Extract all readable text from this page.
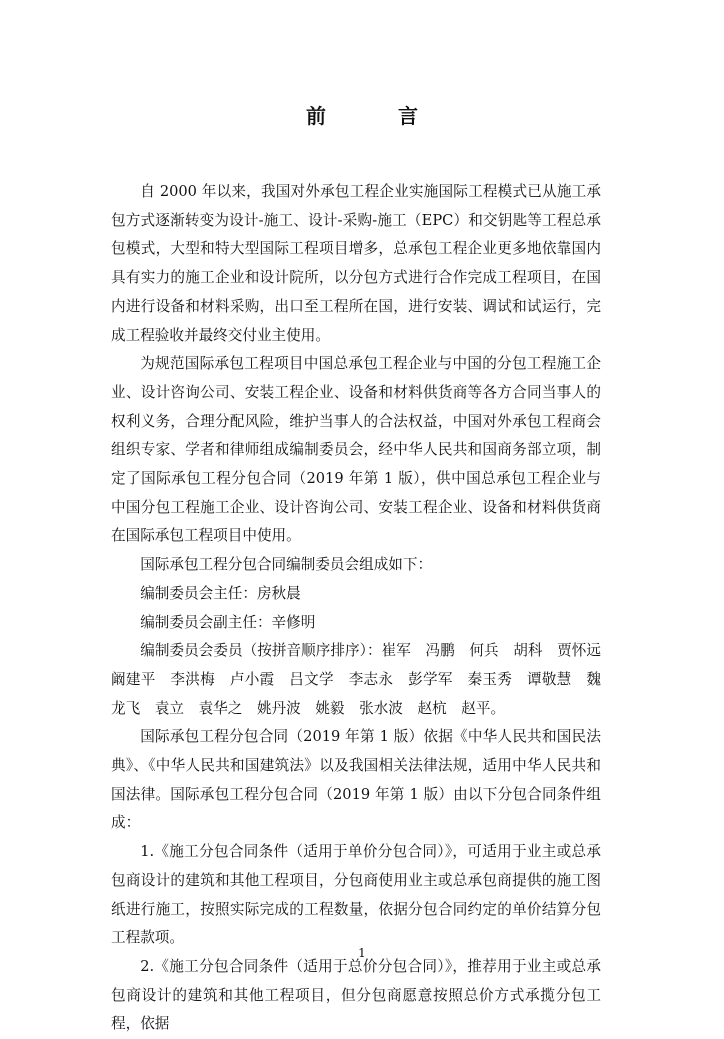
前　言

自 2000 年以来，我国对外承包工程企业实施国际工程模式已从施工承包方式逐渐转变为设计-施工、设计-采购-施工（EPC）和交钥匙等工程总承包模式，大型和特大型国际工程项目增多，总承包工程企业更多地依靠国内具有实力的施工企业和设计院所，以分包方式进行合作完成工程项目，在国内进行设备和材料采购，出口至工程所在国，进行安装、调试和试运行，完成工程验收并最终交付业主使用。

为规范国际承包工程项目中国总承包工程企业与中国的分包工程施工企业、设计咨询公司、安装工程企业、设备和材料供货商等各方合同当事人的权利义务，合理分配风险，维护当事人的合法权益，中国对外承包工程商会组织专家、学者和律师组成编制委员会，经中华人民共和国商务部立项，制定了国际承包工程分包合同（2019 年第 1 版），供中国总承包工程企业与中国分包工程施工企业、设计咨询公司、安装工程企业、设备和材料供货商在国际承包工程项目中使用。

国际承包工程分包合同编制委员会组成如下：

编制委员会主任：房秋晨

编制委员会副主任：辛修明

编制委员会委员（按拼音顺序排序）：崔军　冯鹏　何兵　胡科　贾怀远　阚建平　李洪梅　卢小霞　吕文学　李志永　彭学军　秦玉秀　谭敬慧　魏龙飞　袁立　袁华之　姚丹波　姚毅　张水波　赵杭　赵平。

国际承包工程分包合同（2019 年第 1 版）依据《中华人民共和国民法典》、《中华人民共和国建筑法》以及我国相关法律法规，适用中华人民共和国法律。国际承包工程分包合同（2019 年第 1 版）由以下分包合同条件组成：

1.《施工分包合同条件（适用于单价分包合同）》，可适用于业主或总承包商设计的建筑和其他工程项目，分包商使用业主或总承包商提供的施工图纸进行施工，按照实际完成的工程数量，依据分包合同约定的单价结算分包工程款项。

2.《施工分包合同条件（适用于总价分包合同）》，推荐用于业主或总承包商设计的建筑和其他工程项目，但分包商愿意按照总价方式承揽分包工程，依据

1
